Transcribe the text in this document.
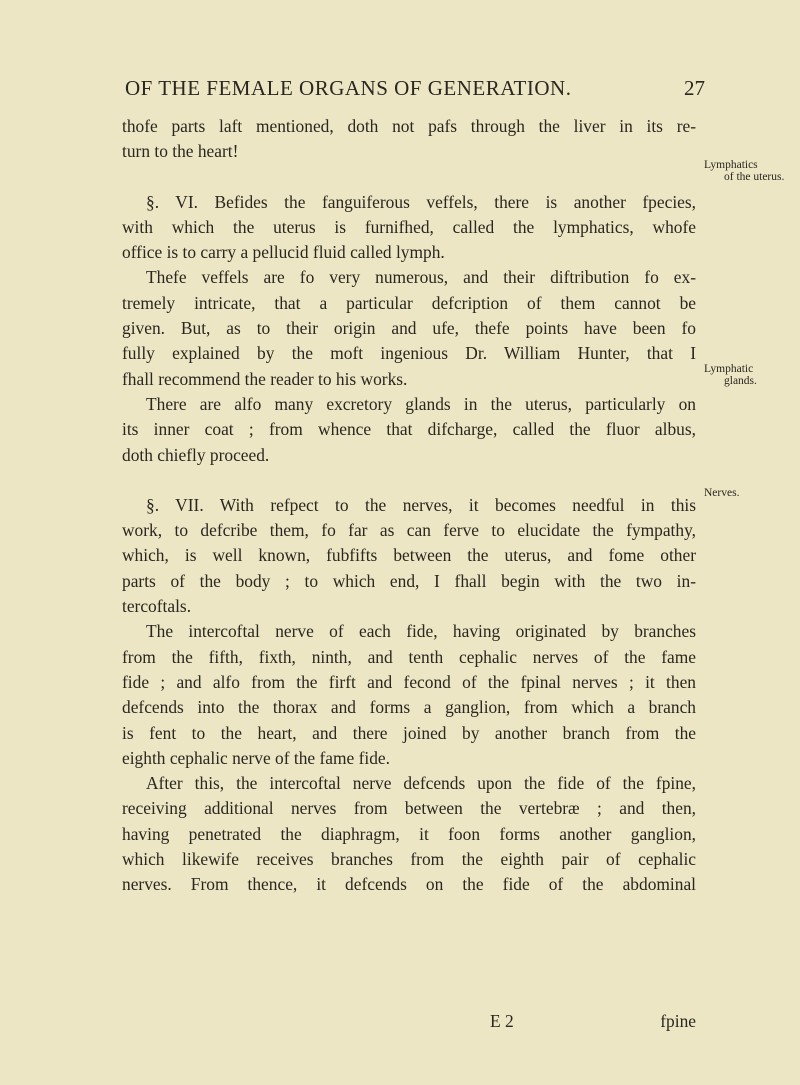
OF THE FEMALE ORGANS OF GENERATION.	27
thofe parts laft mentioned, doth not pafs through the liver in its re-
turn to the heart!
§. VI. Befides the fanguiferous veffels, there is another fpecies,
with which the uterus is furnifhed, called the lymphatics, whofe
office is to carry a pellucid fluid called lymph.
Thefe veffels are fo very numerous, and their diftribution fo ex-
tremely intricate, that a particular defcription of them cannot be
given. But, as to their origin and ufe, thefe points have been fo
fully explained by the moft ingenious Dr. William Hunter, that I
fhall recommend the reader to his works.
There are alfo many excretory glands in the uterus, particularly on
its inner coat ; from whence that difcharge, called the fluor albus,
doth chiefly proceed.
§. VII. With refpect to the nerves, it becomes needful in this
work, to defcribe them, fo far as can ferve to elucidate the fympathy,
which, is well known, fubfifts between the uterus, and fome other
parts of the body ; to which end, I fhall begin with the two in-
tercoftals.
The intercoftal nerve of each fide, having originated by branches
from the fifth, fixth, ninth, and tenth cephalic nerves of the fame
fide ; and alfo from the firft and fecond of the fpinal nerves ; it then
defcends into the thorax and forms a ganglion, from which a branch
is fent to the heart, and there joined by another branch from the
eighth cephalic nerve of the fame fide.
After this, the intercoftal nerve defcends upon the fide of the fpine,
receiving additional nerves from between the vertebræ ; and then,
having penetrated the diaphragm, it foon forms another ganglion,
which likewife receives branches from the eighth pair of cephalic
nerves. From thence, it defcends on the fide of the abdominal
Lymphatics
of the uterus.
Lymphatic
glands.
Nerves.
E 2	fpine
